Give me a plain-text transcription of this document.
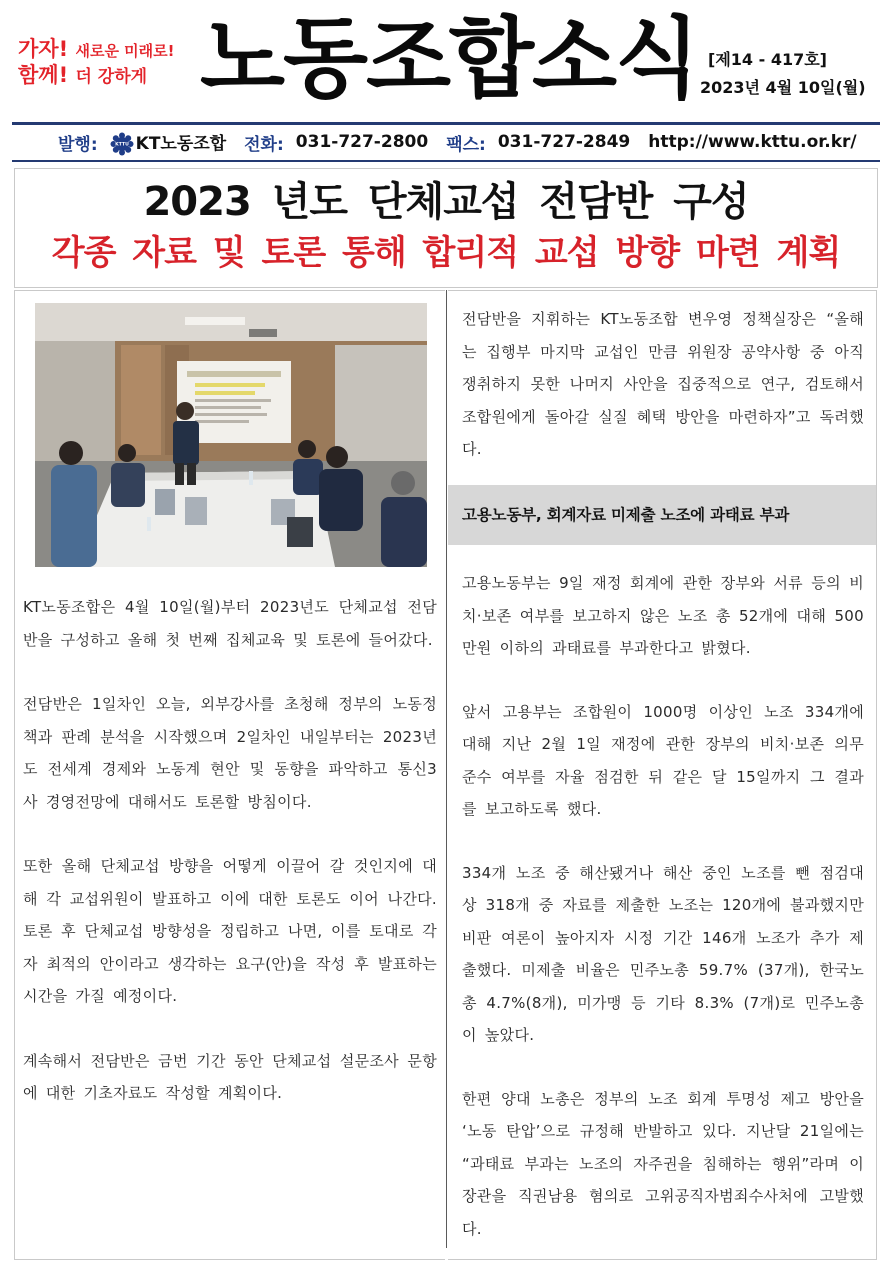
가자! 새로운 미래로!
함께! 더 강하게 노동조합소식 [제14 - 417호]
2023년 4월 10일(월)
발행:	KTTU KT노동조합	전화: 031-727-2800 팩스: 031-727-2849 http://www.kttu.or.kr/
2023 년도 단체교섭 전담반 구성
각종 자료 및 토론 통해 합리적 교섭 방향 마련 계획

KT노동조합은 4월 10일(월)부터 2023년도 단체교섭 전담반을 구성하고 올해 첫 번째 집체교육 및 토론에 들어갔다.

전담반은 1일차인 오늘, 외부강사를 초청해 정부의 노동정책과 판례 분석을 시작했으며 2일차인 내일부터는 2023년도 전세계 경제와 노동계 현안 및 동향을 파악하고 통신3사 경영전망에 대해서도 토론할 방침이다.

또한 올해 단체교섭 방향을 어떻게 이끌어 갈 것인지에 대해 각 교섭위원이 발표하고 이에 대한 토론도 이어 나간다. 토론 후 단체교섭 방향성을 정립하고 나면, 이를 토대로 각자 최적의 안이라고 생각하는 요구(안)을 작성 후 발표하는 시간을 가질 예정이다.

계속해서 전담반은 금번 기간 동안 단체교섭 설문조사 문항에 대한 기초자료도 작성할 계획이다.

전담반을 지휘하는 KT노동조합 변우영 정책실장은 “올해는 집행부 마지막 교섭인 만큼 위원장 공약사항 중 아직 쟁취하지 못한 나머지 사안을 집중적으로 연구, 검토해서 조합원에게 돌아갈 실질 혜택 방안을 마련하자”고 독려했다.

고용노동부, 회계자료 미제출 노조에 과태료 부과

고용노동부는 9일 재정 회계에 관한 장부와 서류 등의 비치·보존 여부를 보고하지 않은 노조 총 52개에 대해 500만원 이하의 과태료를 부과한다고 밝혔다.

앞서 고용부는 조합원이 1000명 이상인 노조 334개에 대해 지난 2월 1일 재정에 관한 장부의 비치·보존 의무 준수 여부를 자율 점검한 뒤 같은 달 15일까지 그 결과를 보고하도록 했다.

334개 노조 중 해산됐거나 해산 중인 노조를 뺀 점검대상 318개 중 자료를 제출한 노조는 120개에 불과했지만 비판 여론이 높아지자 시정 기간 146개 노조가 추가 제출했다. 미제출 비율은 민주노총 59.7% (37개), 한국노총 4.7%(8개), 미가맹 등 기타 8.3% (7개)로 민주노총이 높았다.

한편 양대 노총은 정부의 노조 회계 투명성 제고 방안을 ‘노동 탄압’으로 규정해 반발하고 있다. 지난달 21일에는 “과태료 부과는 노조의 자주권을 침해하는 행위”라며 이 장관을 직권남용 혐의로 고위공직자범죄수사처에 고발했다.
